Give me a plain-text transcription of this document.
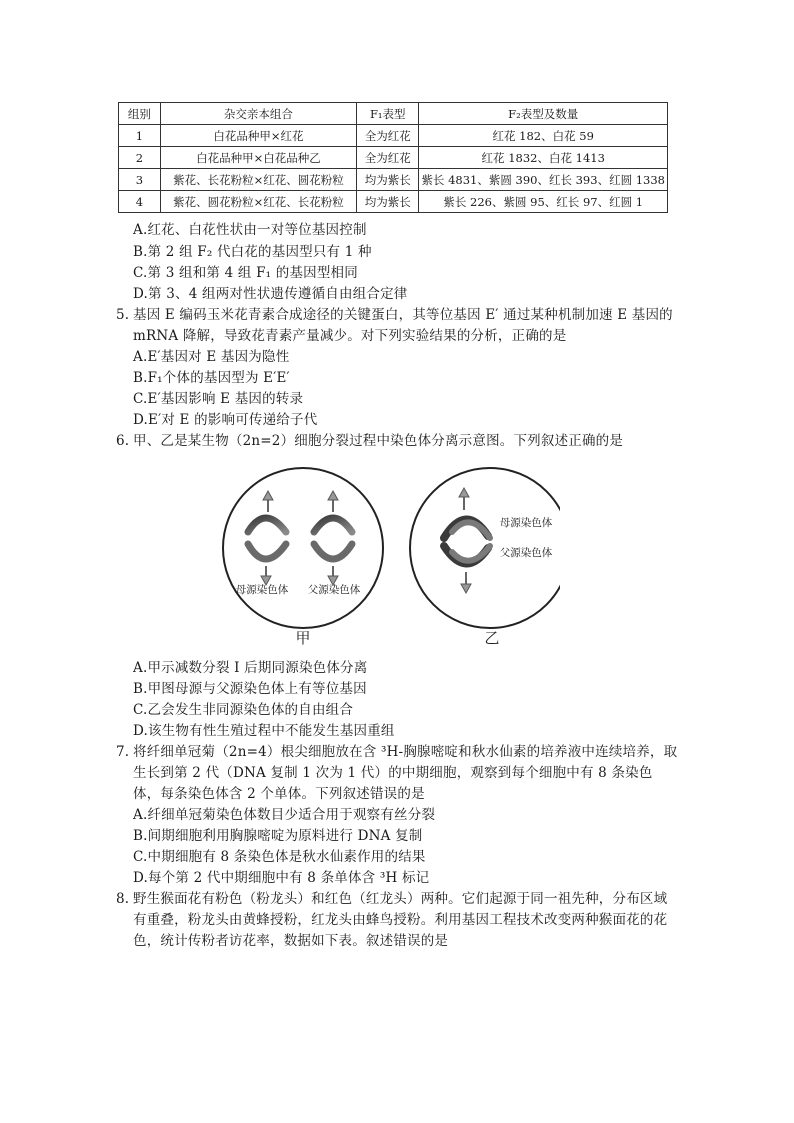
组别	杂交亲本组合	F₁表型	F₂表型及数量
1	白花品种甲×红花	全为红花	红花 182、白花 59
2	白花品种甲×白花品种乙	全为红花	红花 1832、白花 1413
3	紫花、长花粉粒×红花、圆花粉粒	均为紫长	紫长 4831、紫圆 390、红长 393、红圆 1338
4	紫花、圆花粉粒×红花、长花粉粒	均为紫长	紫长 226、紫圆 95、红长 97、红圆 1
A.红花、白花性状由一对等位基因控制
B.第 2 组 F₂ 代白花的基因型只有 1 种
C.第 3 组和第 4 组 F₁ 的基因型相同
D.第 3、4 组两对性状遗传遵循自由组合定律
5. 基因 E 编码玉米花青素合成途径的关键蛋白，其等位基因 E′ 通过某种机制加速 E 基因的
mRNA 降解，导致花青素产量减少。对下列实验结果的分析，正确的是
A.E′基因对 E 基因为隐性
B.F₁个体的基因型为 E′E′
C.E′基因影响 E 基因的转录
D.E′对 E 的影响可传递给子代
6. 甲、乙是某生物（2n=2）细胞分裂过程中染色体分离示意图。下列叙述正确的是
母源染色体 父源染色体
甲
母源染色体
父源染色体
乙
A.甲示减数分裂 I 后期同源染色体分离
B.甲图母源与父源染色体上有等位基因
C.乙会发生非同源染色体的自由组合
D.该生物有性生殖过程中不能发生基因重组
7. 将纤细单冠菊（2n=4）根尖细胞放在含 ³H-胸腺嘧啶和秋水仙素的培养液中连续培养，取
生长到第 2 代（DNA 复制 1 次为 1 代）的中期细胞，观察到每个细胞中有 8 条染色
体，每条染色体含 2 个单体。下列叙述错误的是
A.纤细单冠菊染色体数目少适合用于观察有丝分裂
B.间期细胞利用胸腺嘧啶为原料进行 DNA 复制
C.中期细胞有 8 条染色体是秋水仙素作用的结果
D.每个第 2 代中期细胞中有 8 条单体含 ³H 标记
8. 野生猴面花有粉色（粉龙头）和红色（红龙头）两种。它们起源于同一祖先种，分布区域
有重叠，粉龙头由黄蜂授粉，红龙头由蜂鸟授粉。利用基因工程技术改变两种猴面花的花
色，统计传粉者访花率，数据如下表。叙述错误的是
